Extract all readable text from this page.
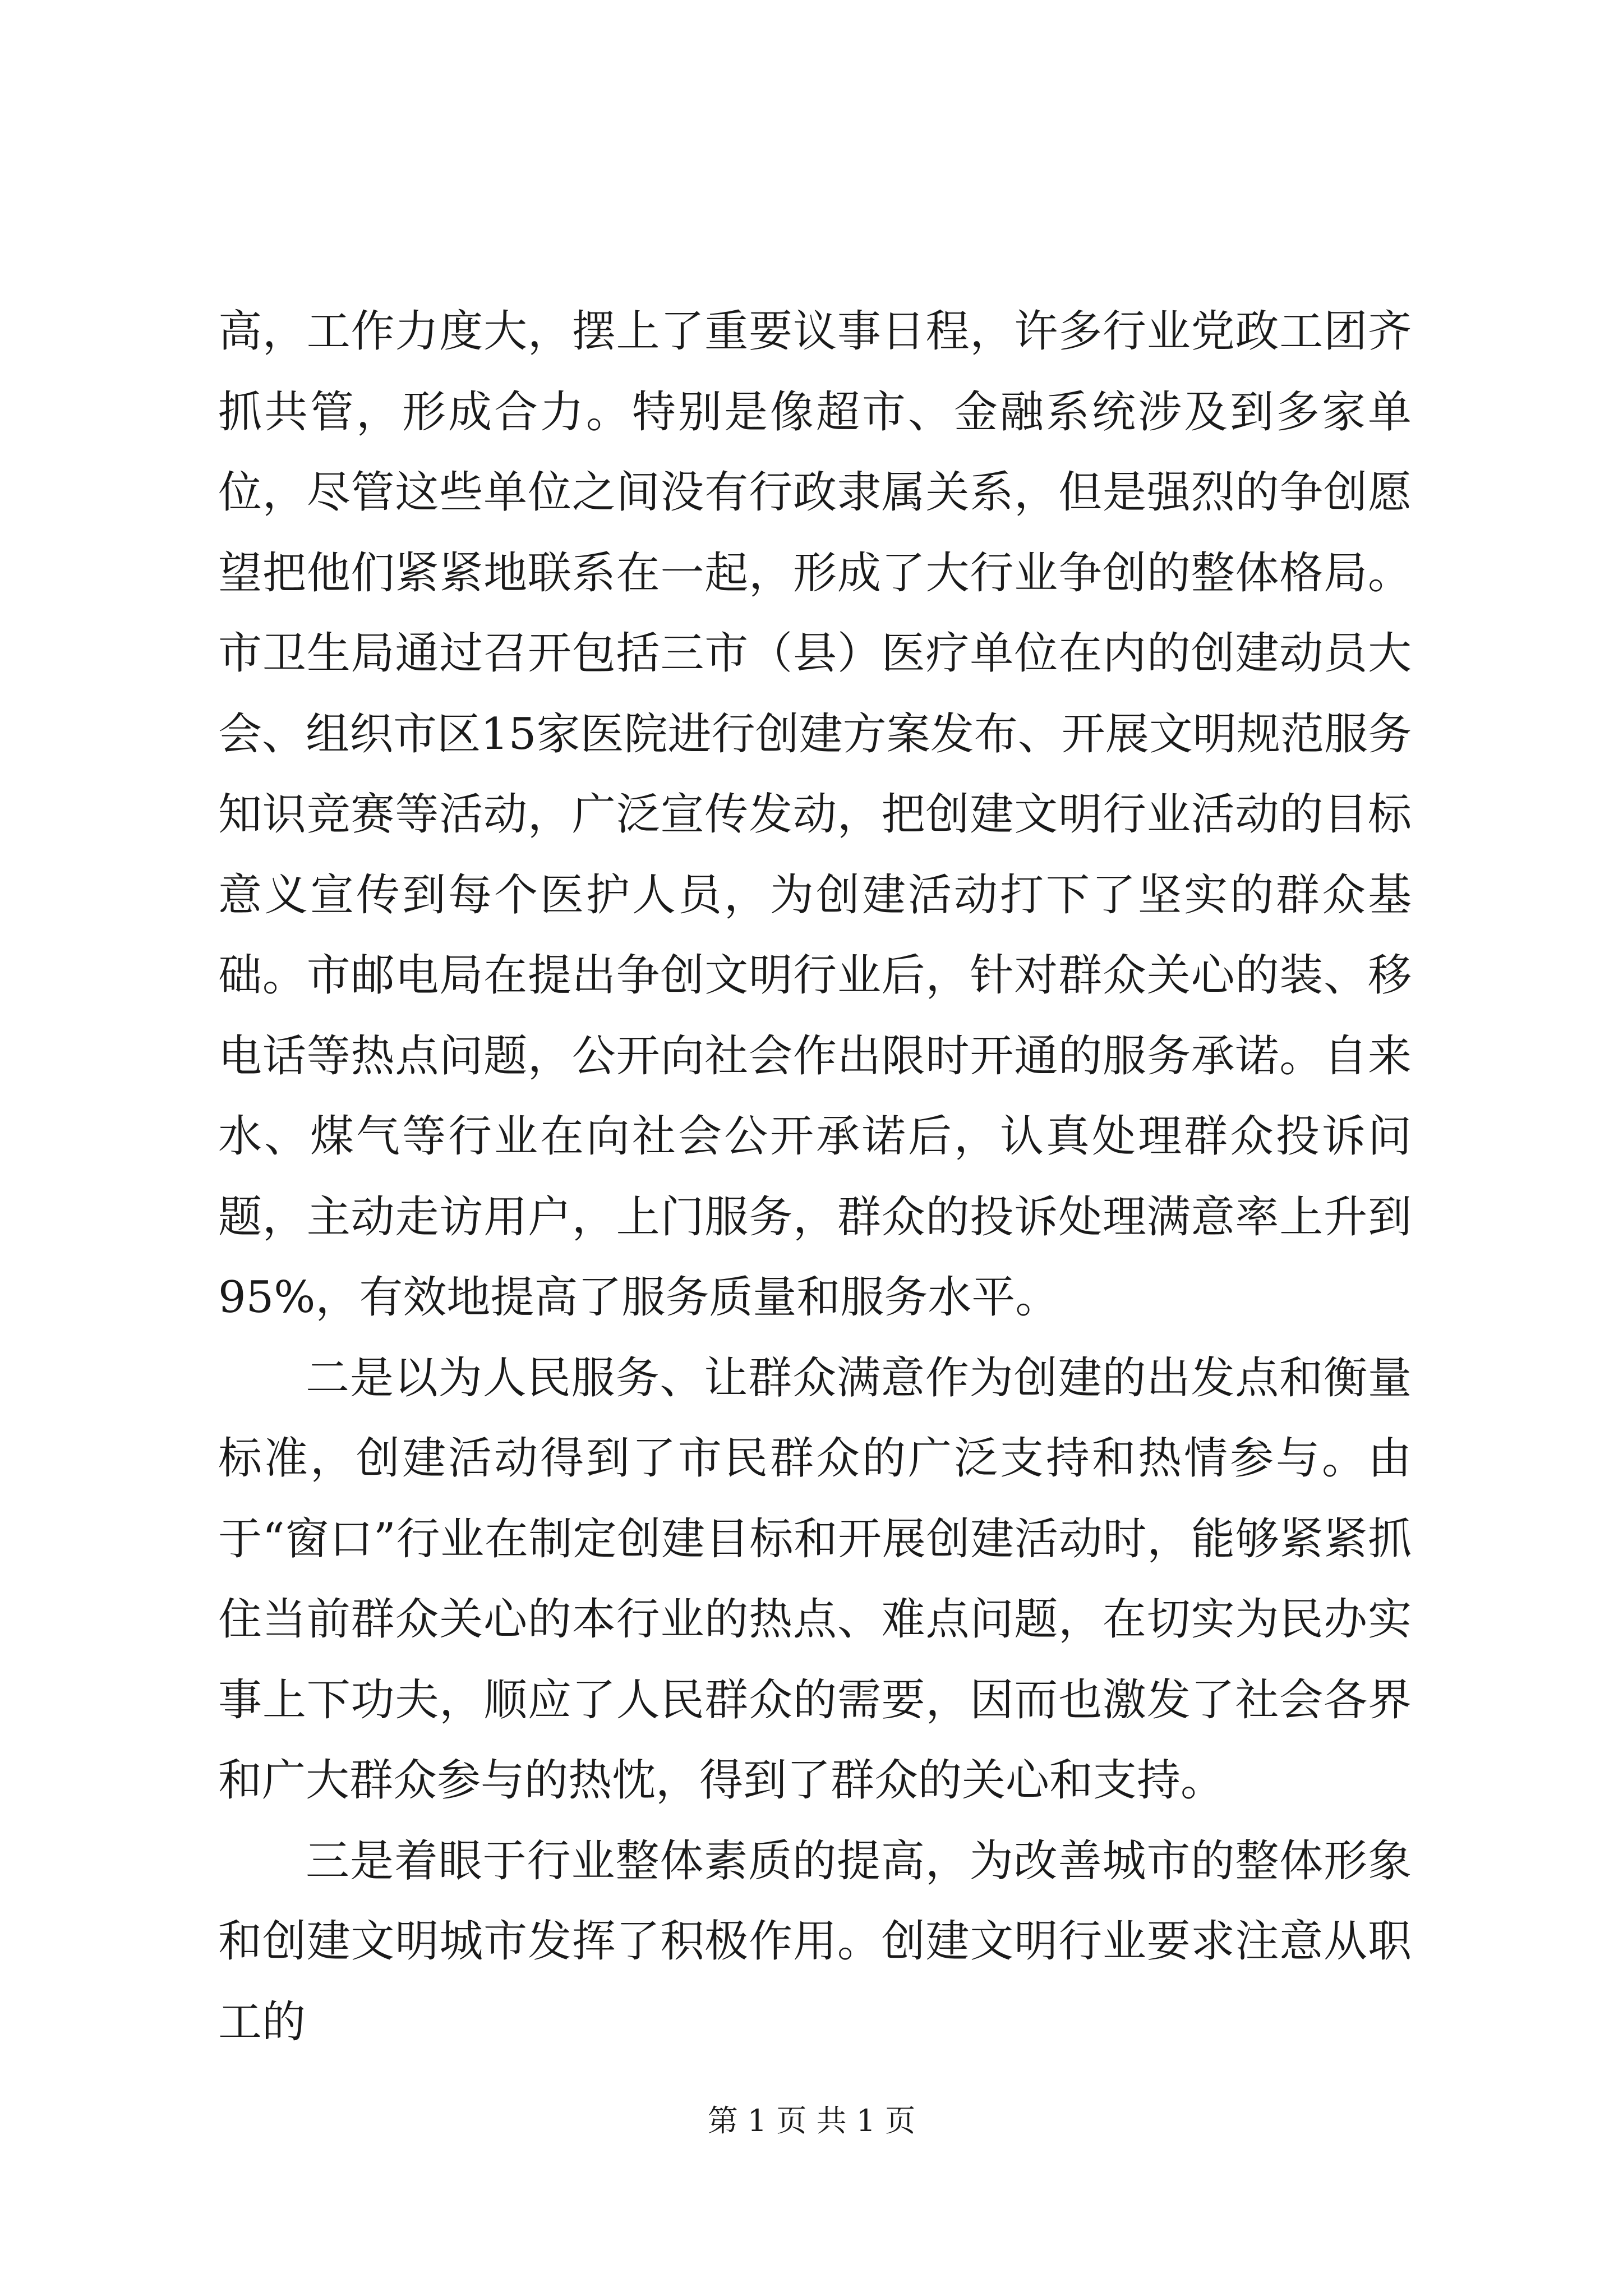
高，工作力度大，摆上了重要议事日程，许多行业党政工团齐抓共管，形成合力。特别是像超市、金融系统涉及到多家单位，尽管这些单位之间没有行政隶属关系，但是强烈的争创愿望把他们紧紧地联系在一起，形成了大行业争创的整体格局。市卫生局通过召开包括三市（县）医疗单位在内的创建动员大会、组织市区15家医院进行创建方案发布、开展文明规范服务知识竞赛等活动，广泛宣传发动，把创建文明行业活动的目标意义宣传到每个医护人员，为创建活动打下了坚实的群众基础。市邮电局在提出争创文明行业后，针对群众关心的装、移电话等热点问题，公开向社会作出限时开通的服务承诺。自来水、煤气等行业在向社会公开承诺后，认真处理群众投诉问题，主动走访用户，上门服务，群众的投诉处理满意率上升到95%，有效地提高了服务质量和服务水平。

二是以为人民服务、让群众满意作为创建的出发点和衡量标准，创建活动得到了市民群众的广泛支持和热情参与。由于“窗口”行业在制定创建目标和开展创建活动时，能够紧紧抓住当前群众关心的本行业的热点、难点问题，在切实为民办实事上下功夫，顺应了人民群众的需要，因而也激发了社会各界和广大群众参与的热忱，得到了群众的关心和支持。

三是着眼于行业整体素质的提高，为改善城市的整体形象和创建文明城市发挥了积极作用。创建文明行业要求注意从职工的

第 1 页 共 1 页
